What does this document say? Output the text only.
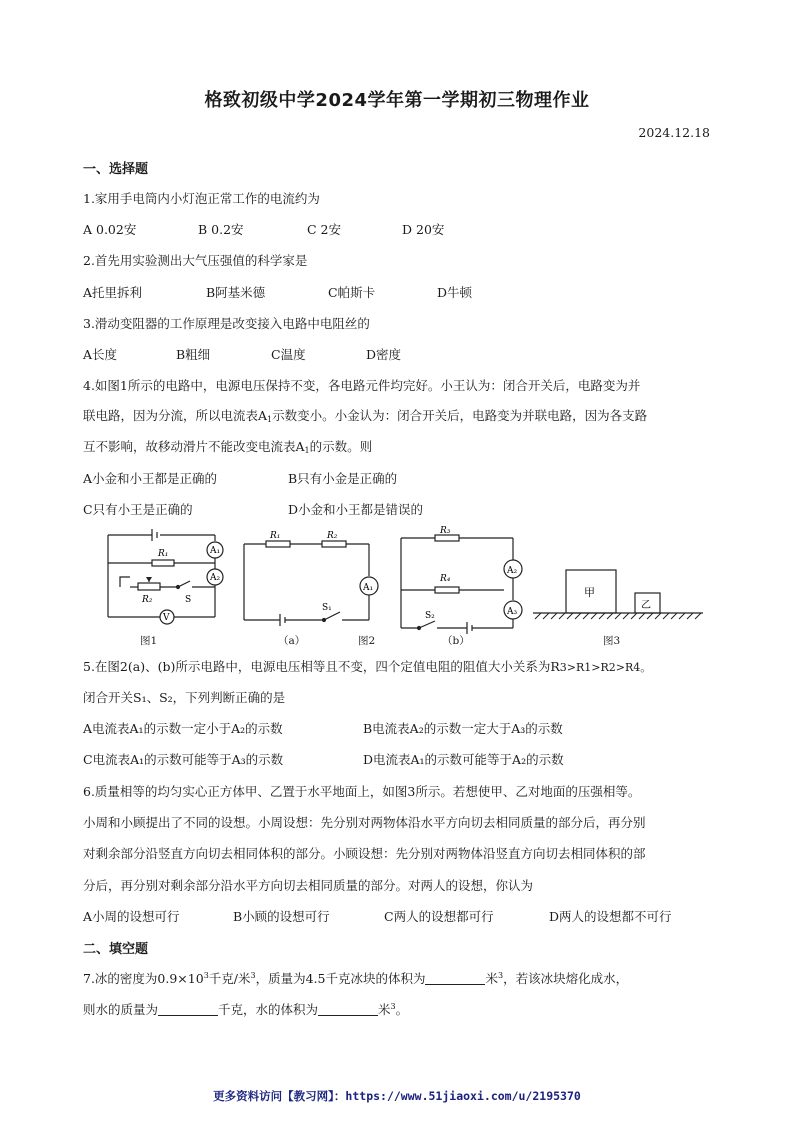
格致初级中学2024学年第一学期初三物理作业
2024.12.18
一、选择题
1.家用手电筒内小灯泡正常工作的电流约为
A 0.02安	B 0.2安	C 2安	D 20安
2.首先用实验测出大气压强值的科学家是
A托里拆利	B阿基米德	C帕斯卡	D牛顿
3.滑动变阻器的工作原理是改变接入电路中电阻丝的
A长度	B粗细	C温度	D密度
4.如图1所示的电路中，电源电压保持不变，各电路元件均完好。小王认为：闭合开关后，电路变为并
联电路，因为分流，所以电流表$A_1$示数变小。小金认为：闭合开关后，电路变为并联电路，因为各支路
互不影响，故移动滑片不能改变电流表$A_1$的示数。则
A小金和小王都是正确的	B只有小金是正确的
C只有小王是正确的	D小金和小王都是错误的
A₁
A₂
R₁
R₂	S
V
图1
R₁	R₂
A₁
S₁
（a）	图2
R₃
R₄
A₂
A₃
S₂
（b）
甲
乙
图3
5.在图2(a)、(b)所示电路中，电源电压相等且不变，四个定值电阻的阻值大小关系为R3>R1>R2>R4。
闭合开关S₁、S₂，下列判断正确的是
A电流表A₁的示数一定小于A₂的示数	B电流表A₂的示数一定大于A₃的示数
C电流表A₁的示数可能等于A₃的示数	D电流表A₁的示数可能等于A₂的示数
6.质量相等的均匀实心正方体甲、乙置于水平地面上，如图3所示。若想使甲、乙对地面的压强相等。
小周和小顾提出了不同的设想。小周设想：先分别对两物体沿水平方向切去相同质量的部分后，再分别
对剩余部分沿竖直方向切去相同体积的部分。小顾设想：先分别对两物体沿竖直方向切去相同体积的部
分后，再分别对剩余部分沿水平方向切去相同质量的部分。对两人的设想，你认为
A小周的设想可行	B小顾的设想可行	C两人的设想都可行	D两人的设想都不可行
二、填空题
7.冰的密度为$0.9\times 10^3$千克/米$^3$，质量为4.5千克冰块的体积为	米$^3$，若该冰块熔化成水，
则水的质量为	千克，水的体积为	米$^3$。
更多资料访问【教习网】：https://www.51jiaoxi.com/u/2195370
